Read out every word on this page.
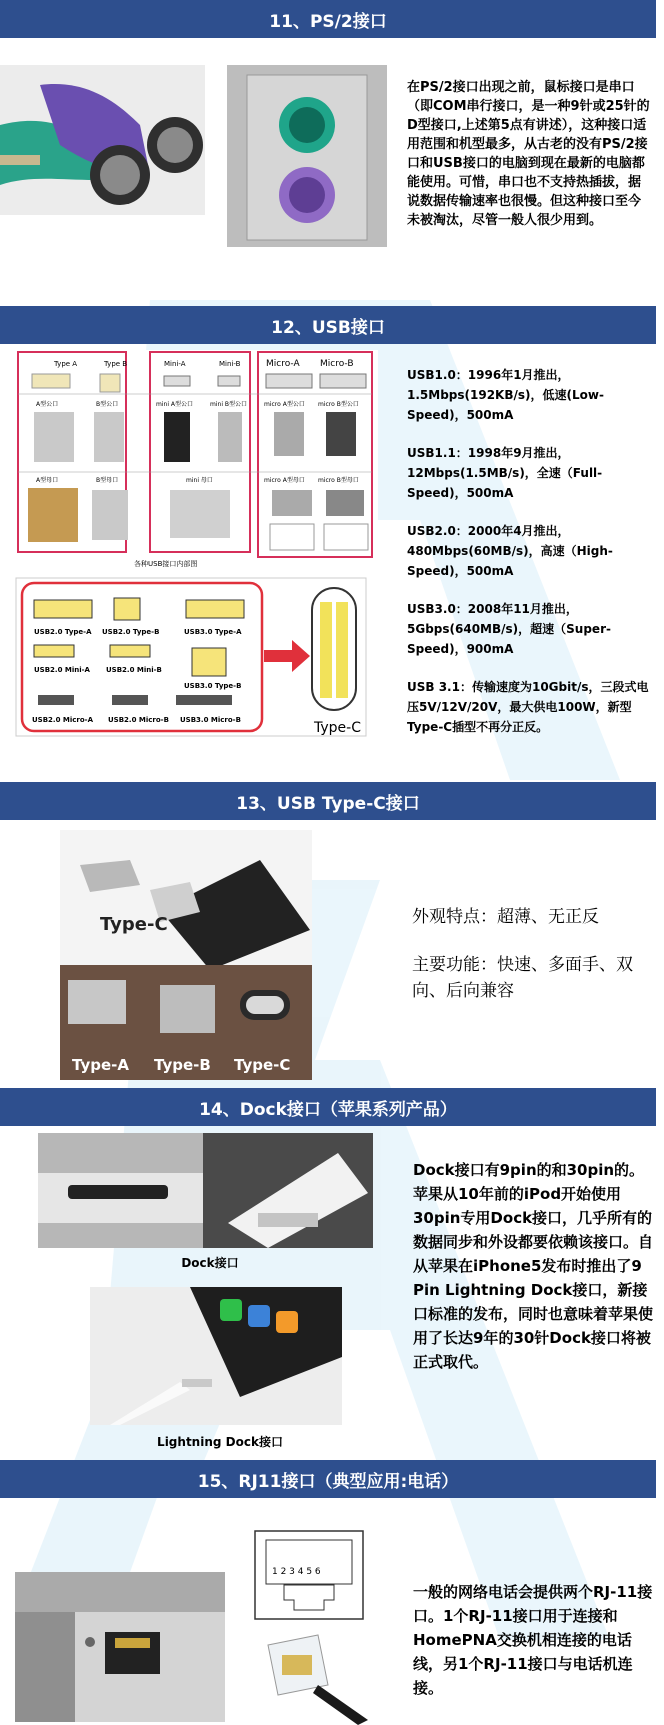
11、PS/2接口

在PS/2接口出现之前，鼠标接口是串口（即COM串行接口，是一种9针或25针的D型接口,上述第5点有讲述），这种接口适用范围和机型最多，从古老的没有PS/2接口和USB接口的电脑到现在最新的电脑都能使用。可惜，串口也不支持热插拔，据说数据传输速率也很慢。但这种接口至今未被淘汰，尽管一般人很少用到。

12、USB接口
Type A	Type B	Mini-A	Mini-B	Micro-A Micro-B
A型公口	B型公口	mini A型公口	mini B型公口	micro A型公口 micro B型公口
A型母口	B型母口	mini 母口	micro A型母口 micro B型母口
各种USB接口内部图
USB2.0 Type-A USB2.0 Type-B	USB3.0 Type-A
USB2.0 Mini-A USB2.0 Mini-B
USB3.0 Type-B
USB2.0 Micro-A USB2.0 Micro-B USB3.0 Micro-B	Type-C

USB1.0：1996年1月推出，1.5Mbps(192KB/s)，低速(Low-Speed)，500mA

USB1.1：1998年9月推出，12Mbps(1.5MB/s)，全速（Full-Speed)，500mA

USB2.0：2000年4月推出，480Mbps(60MB/s)，高速（High-Speed)，500mA

USB3.0：2008年11月推出，5Gbps(640MB/s)，超速（Super-Speed)，900mA

USB 3.1：传输速度为10Gbit/s，三段式电压5V/12V/20V，最大供电100W，新型Type-C插型不再分正反。

13、USB Type-C接口
Type-C
Type-A Type-B Type-C

外观特点：超薄、无正反

主要功能：快速、多面手、双向、后向兼容

14、Dock接口（苹果系列产品）
Dock接口
Lightning Dock接口

Dock接口有9pin的和30pin的。苹果从10年前的iPod开始使用30pin专用Dock接口，几乎所有的数据同步和外设都要依赖该接口。自从苹果在iPhone5发布时推出了9 Pin Lightning Dock接口，新接口标准的发布，同时也意味着苹果使用了长达9年的30针Dock接口将被正式取代。

15、RJ11接口（典型应用:电话）
1 2 3 4 5 6

一般的网络电话会提供两个RJ-11接口。1个RJ-11接口用于连接和HomePNA交换机相连接的电话线，另1个RJ-11接口与电话机连接。
